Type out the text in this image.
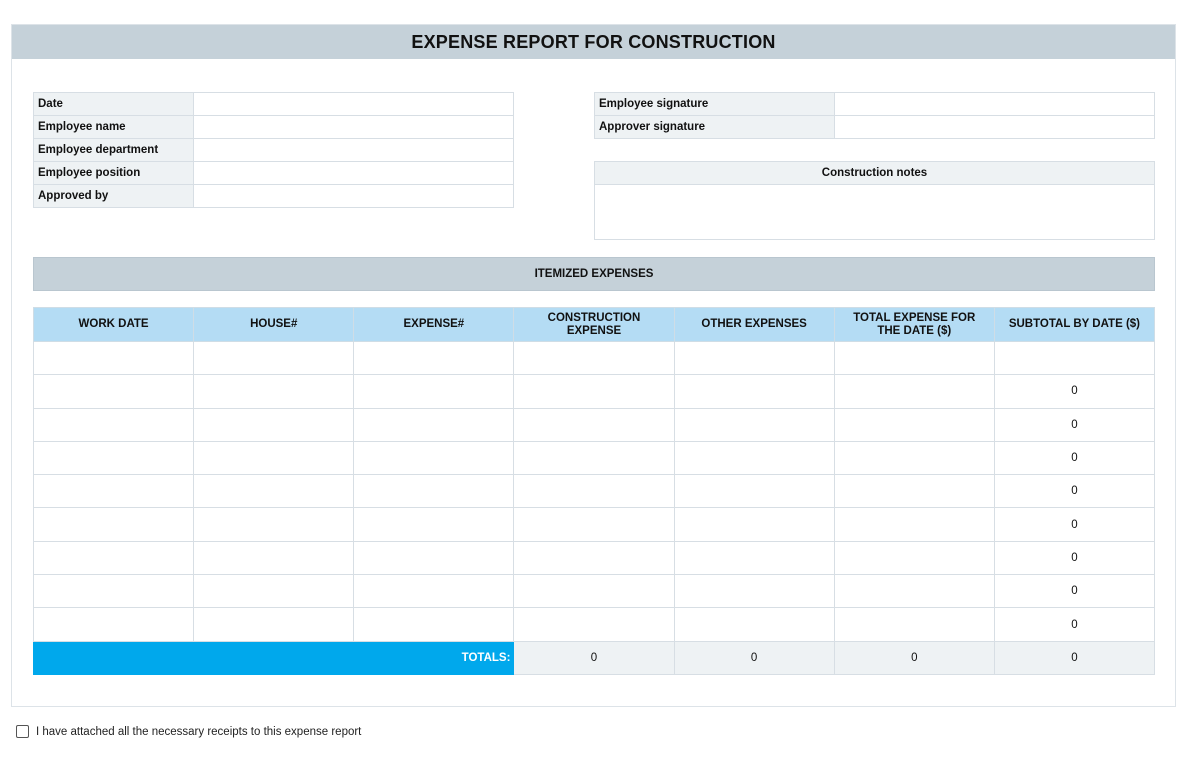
EXPENSE REPORT FOR CONSTRUCTION
Date	
Employee name	
Employee department	
Employee position	
Approved by	
Employee signature	
Approver signature	
Construction notes
ITEMIZED EXPENSES
WORK DATE	HOUSE#	EXPENSE#	CONSTRUCTION EXPENSE	OTHER EXPENSES	TOTAL EXPENSE FOR THE DATE ($)	SUBTOTAL BY DATE ($)

						0
						0
						0
						0
						0
						0
						0
						0
TOTALS:			0	0	0	0
I have attached all the necessary receipts to this expense report
